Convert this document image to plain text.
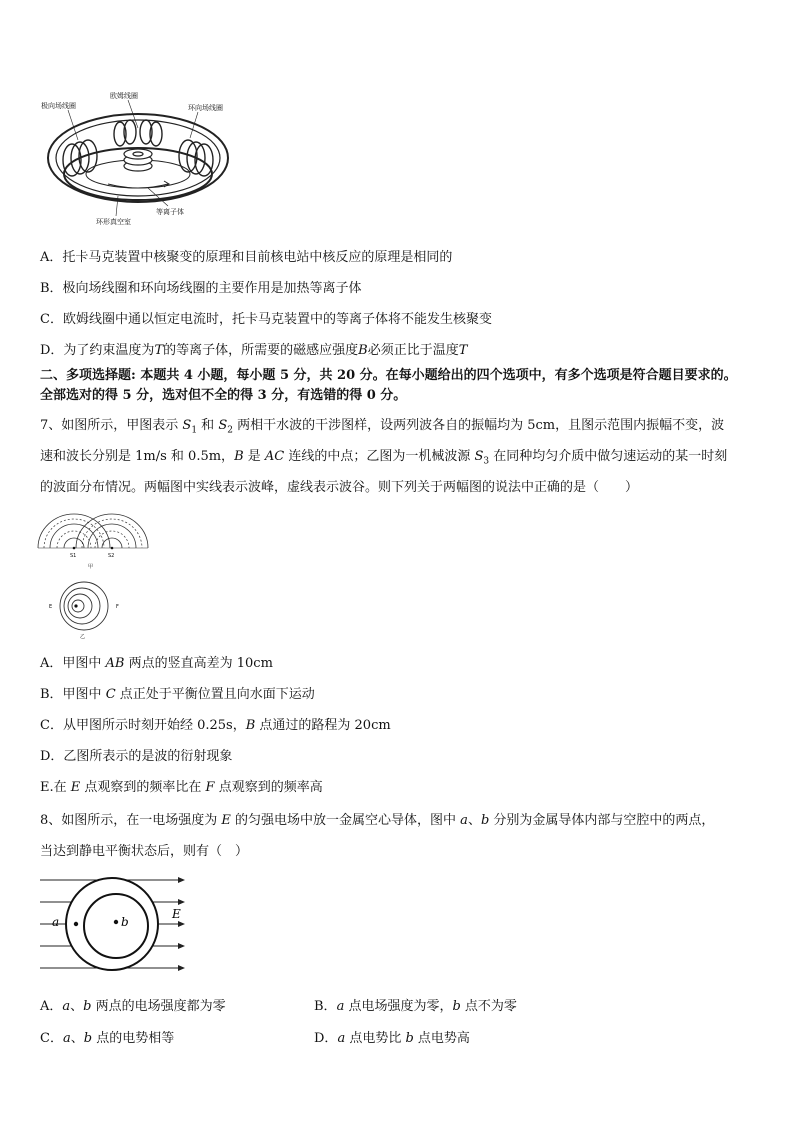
极向场线圈
欧姆线圈
环向场线圈
等离子体
环形真空室
A．托卡马克装置中核聚变的原理和目前核电站中核反应的原理是相同的
B．极向场线圈和环向场线圈的主要作用是加热等离子体
C．欧姆线圈中通以恒定电流时，托卡马克装置中的等离子体将不能发生核聚变
D．为了约束温度为T的等离子体，所需要的磁感应强度B必须正比于温度T
二、多项选择题: 本题共 4 小题，每小题 5 分，共 20 分。在每小题给出的四个选项中，有多个选项是符合题目要求的。
全部选对的得 5 分，选对但不全的得 3 分，有选错的得 0 分。
7、如图所示，甲图表示 $S_1$ 和 $S_2$ 两相干水波的干涉图样，设两列波各自的振幅均为 5cm，且图示范围内振幅不变，波
速和波长分别是 1m/s 和 0.5m，B 是 AC 连线的中点；乙图为一机械波源 $S_3$ 在同种均匀介质中做匀速运动的某一时刻
的波面分布情况。两幅图中实线表示波峰，虚线表示波谷。则下列关于两幅图的说法中正确的是（　　）
S1	S2
甲
E	F
乙
A．甲图中 AB 两点的竖直高差为 10cm
B．甲图中 C 点正处于平衡位置且向水面下运动
C．从甲图所示时刻开始经 0.25s，B 点通过的路程为 20cm
D．乙图所表示的是波的衍射现象
E.在 E 点观察到的频率比在 F 点观察到的频率高
8、如图所示，在一电场强度为 E 的匀强电场中放一金属空心导体，图中 a、b 分别为金属导体内部与空腔中的两点，
当达到静电平衡状态后，则有（　）
a	b
E
A．a、b 两点的电场强度都为零	B．a 点电场强度为零，b 点不为零
C．a、b 点的电势相等	D．a 点电势比 b 点电势高
